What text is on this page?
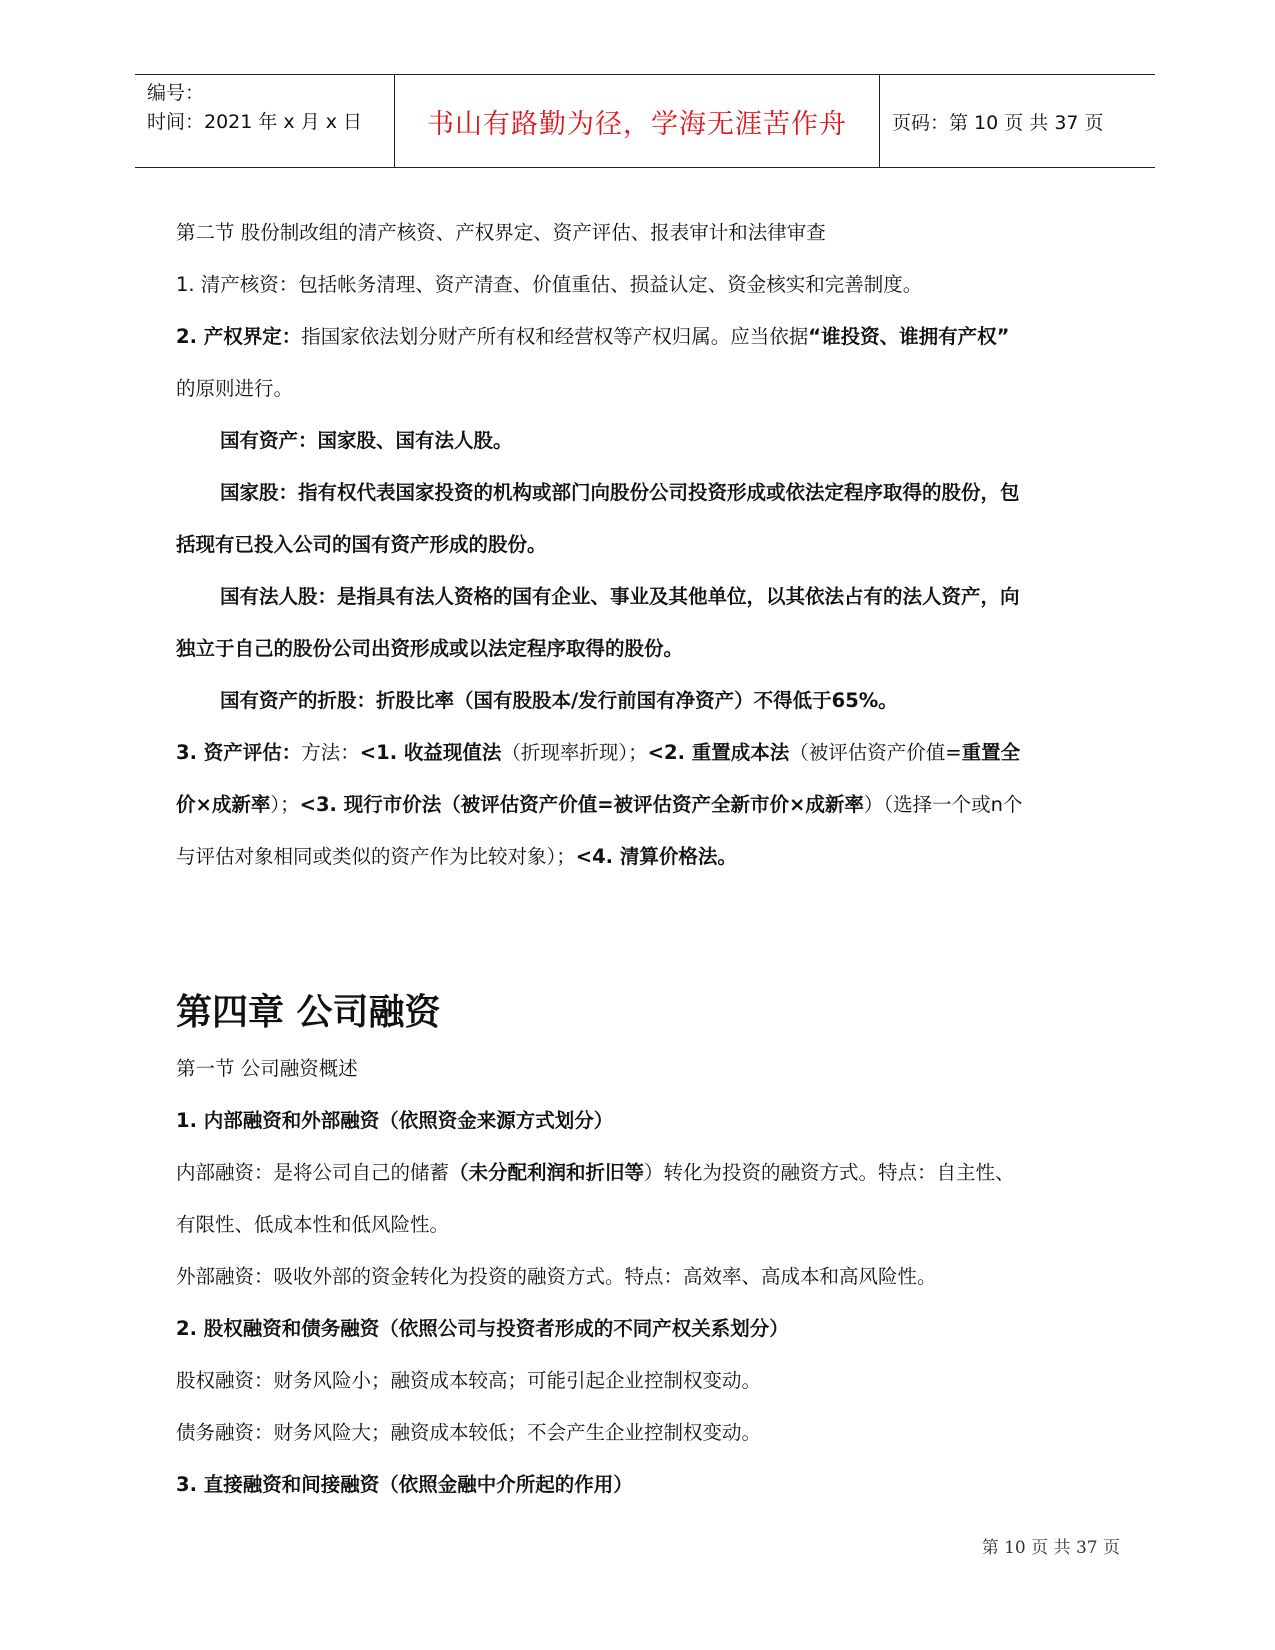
编号：
时间：2021 年 x 月 x 日	书山有路勤为径，学海无涯苦作舟	页码：第 10 页 共 37 页

第二节 股份制改组的清产核资、产权界定、资产评估、报表审计和法律审查

1. 清产核资：包括帐务清理、资产清查、价值重估、损益认定、资金核实和完善制度。

2. 产权界定：指国家依法划分财产所有权和经营权等产权归属。应当依据“谁投资、谁拥有产权”

的原则进行。

国有资产：国家股、国有法人股。

国家股：指有权代表国家投资的机构或部门向股份公司投资形成或依法定程序取得的股份，包

括现有已投入公司的国有资产形成的股份。

国有法人股：是指具有法人资格的国有企业、事业及其他单位，以其依法占有的法人资产，向

独立于自己的股份公司出资形成或以法定程序取得的股份。

国有资产的折股：折股比率（国有股股本/发行前国有净资产）不得低于65%。

3. 资产评估：方法：<1. 收益现值法（折现率折现）；<2. 重置成本法（被评估资产价值=重置全

价×成新率）；<3. 现行市价法（被评估资产价值=被评估资产全新市价×成新率）（选择一个或n个

与评估对象相同或类似的资产作为比较对象）；<4. 清算价格法。

第四章 公司融资

第一节 公司融资概述

1. 内部融资和外部融资（依照资金来源方式划分）

内部融资：是将公司自己的储蓄（未分配利润和折旧等）转化为投资的融资方式。特点：自主性、

有限性、低成本性和低风险性。

外部融资：吸收外部的资金转化为投资的融资方式。特点：高效率、高成本和高风险性。

2. 股权融资和债务融资（依照公司与投资者形成的不同产权关系划分）

股权融资：财务风险小；融资成本较高；可能引起企业控制权变动。

债务融资：财务风险大；融资成本较低；不会产生企业控制权变动。

3. 直接融资和间接融资（依照金融中介所起的作用）

第 10 页 共 37 页
